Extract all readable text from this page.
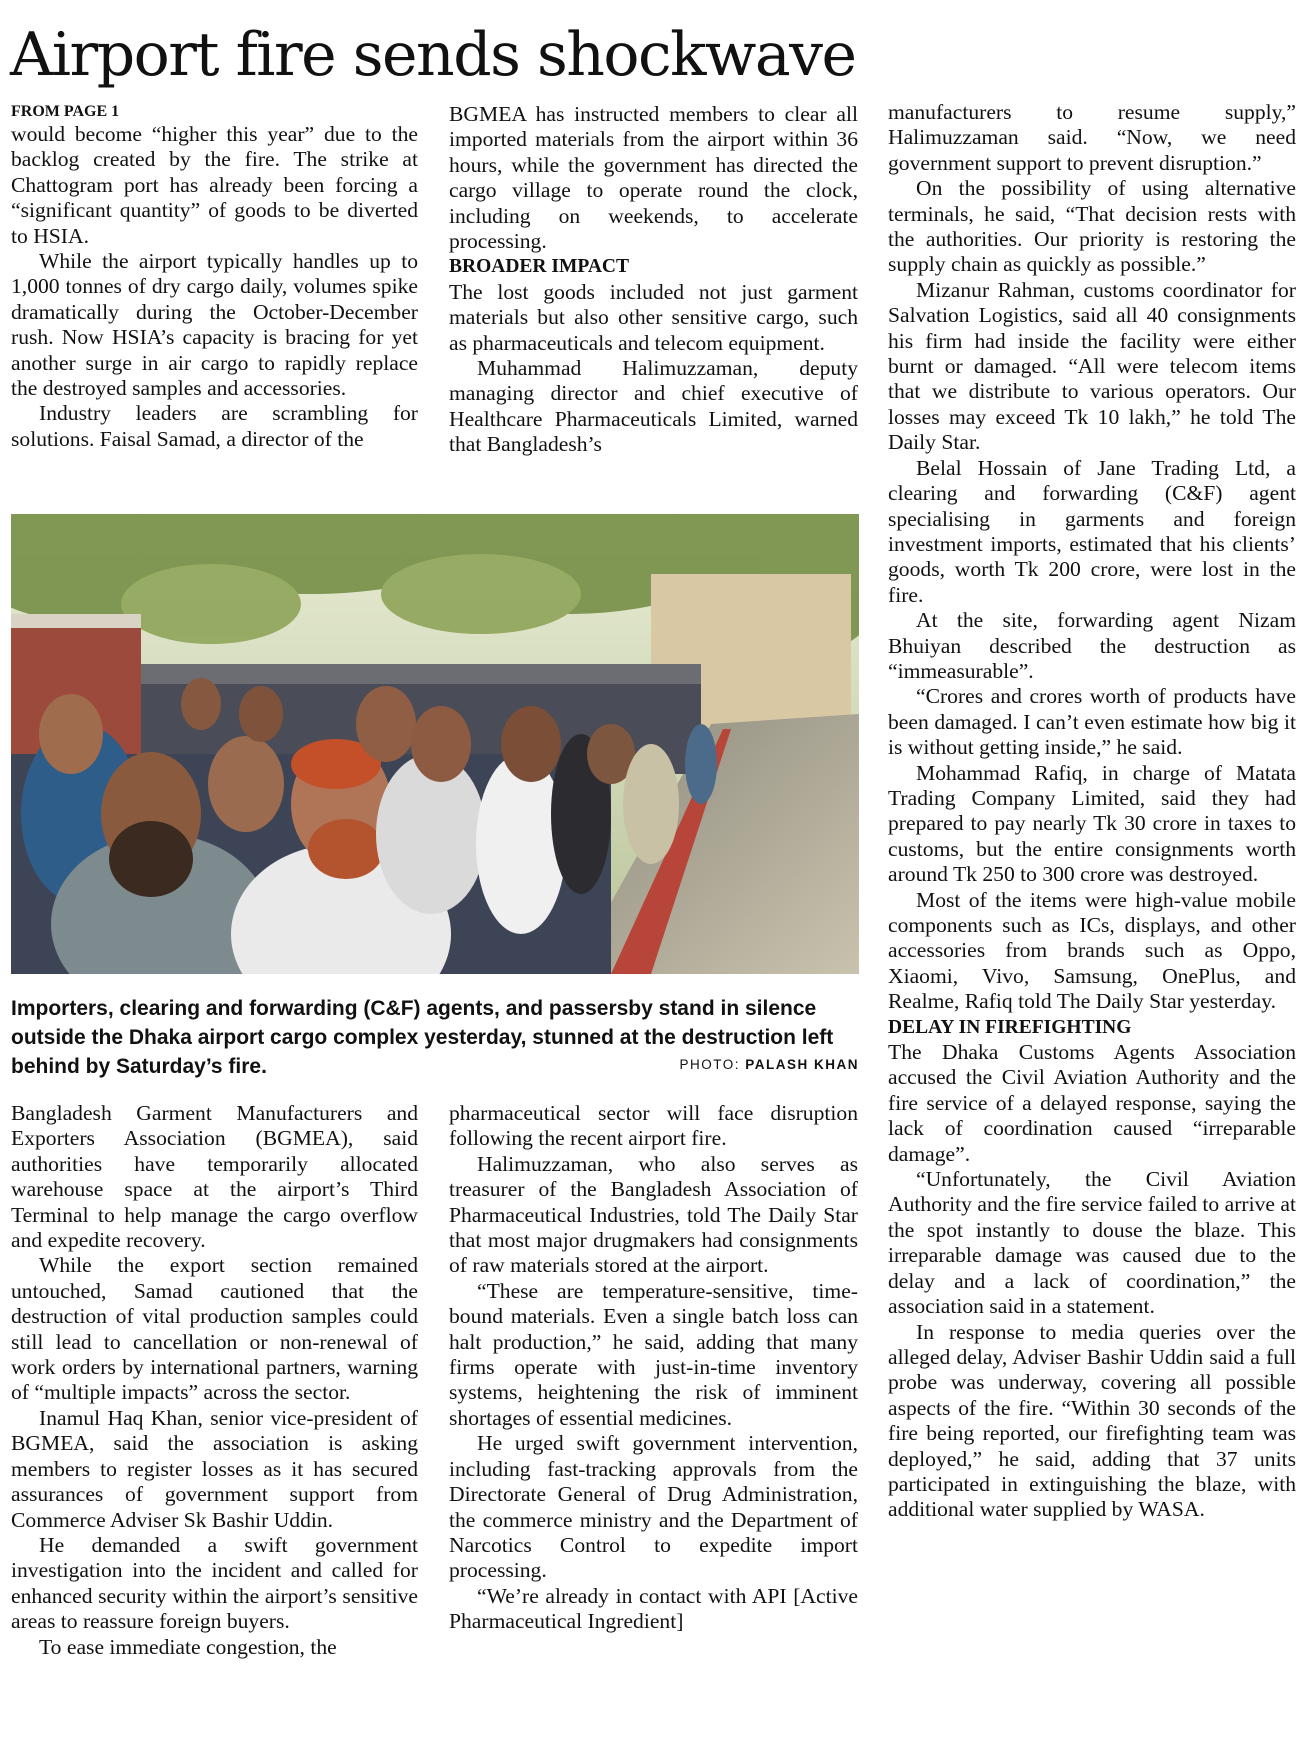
Airport fire sends shockwave

FROM PAGE 1

would become “higher this year” due to the backlog created by the fire. The strike at Chattogram port has already been forcing a “significant quantity” of goods to be diverted to HSIA.

While the airport typically handles up to 1,000 tonnes of dry cargo daily, volumes spike dramatically during the October-December rush. Now HSIA’s capacity is bracing for yet another surge in air cargo to rapidly replace the destroyed samples and accessories.

Industry leaders are scrambling for solutions. Faisal Samad, a director of the

BGMEA has instructed members to clear all imported materials from the airport within 36 hours, while the government has directed the cargo village to operate round the clock, including on weekends, to accelerate processing.

BROADER IMPACT

The lost goods included not just garment materials but also other sensitive cargo, such as pharmaceuticals and telecom equipment.

Muhammad Halimuzzaman, deputy managing director and chief executive of Healthcare Pharmaceuticals Limited, warned that Bangladesh’s

manufacturers to resume supply,” Halimuzzaman said. “Now, we need government support to prevent disruption.”

On the possibility of using alternative terminals, he said, “That decision rests with the authorities. Our priority is restoring the supply chain as quickly as possible.”

Mizanur Rahman, customs coordinator for Salvation Logistics, said all 40 consignments his firm had inside the facility were either burnt or damaged. “All were telecom items that we distribute to various operators. Our losses may exceed Tk 10 lakh,” he told The Daily Star.

Belal Hossain of Jane Trading Ltd, a clearing and forwarding (C&F) agent specialising in garments and foreign investment imports, estimated that his clients’ goods, worth Tk 200 crore, were lost in the fire.

At the site, forwarding agent Nizam Bhuiyan described the destruction as “immeasurable”.

“Crores and crores worth of products have been damaged. I can’t even estimate how big it is without getting inside,” he said.

Mohammad Rafiq, in charge of Matata Trading Company Limited, said they had prepared to pay nearly Tk 30 crore in taxes to customs, but the entire consignments worth around Tk 250 to 300 crore was destroyed.

Most of the items were high-value mobile components such as ICs, displays, and other accessories from brands such as Oppo, Xiaomi, Vivo, Samsung, OnePlus, and Realme, Rafiq told The Daily Star yesterday.

DELAY IN FIREFIGHTING

The Dhaka Customs Agents Association accused the Civil Aviation Authority and the fire service of a delayed response, saying the lack of coordination caused “irreparable damage”.

“Unfortunately, the Civil Aviation Authority and the fire service failed to arrive at the spot instantly to douse the blaze. This irreparable damage was caused due to the delay and a lack of coordination,” the association said in a statement.

In response to media queries over the alleged delay, Adviser Bashir Uddin said a full probe was underway, covering all possible aspects of the fire. “Within 30 seconds of the fire being reported, our firefighting team was deployed,” he said, adding that 37 units participated in extinguishing the blaze, with additional water supplied by WASA.

Importers, clearing and forwarding (C&F) agents, and passersby stand in silence outside the Dhaka airport cargo complex yesterday, stunned at the destruction left behind by Saturday’s fire.	PHOTO: PALASH KHAN

Bangladesh Garment Manufacturers and Exporters Association (BGMEA), said authorities have temporarily allocated warehouse space at the airport’s Third Terminal to help manage the cargo overflow and expedite recovery.

While the export section remained untouched, Samad cautioned that the destruction of vital production samples could still lead to cancellation or non-renewal of work orders by international partners, warning of “multiple impacts” across the sector.

Inamul Haq Khan, senior vice-president of BGMEA, said the association is asking members to register losses as it has secured assurances of government support from Commerce Adviser Sk Bashir Uddin.

He demanded a swift government investigation into the incident and called for enhanced security within the airport’s sensitive areas to reassure foreign buyers.

To ease immediate congestion, the

pharmaceutical sector will face disruption following the recent airport fire.

Halimuzzaman, who also serves as treasurer of the Bangladesh Association of Pharmaceutical Industries, told The Daily Star that most major drugmakers had consignments of raw materials stored at the airport.

“These are temperature-sensitive, time-bound materials. Even a single batch loss can halt production,” he said, adding that many firms operate with just-in-time inventory systems, heightening the risk of imminent shortages of essential medicines.

He urged swift government intervention, including fast-tracking approvals from the Directorate General of Drug Administration, the commerce ministry and the Department of Narcotics Control to expedite import processing.

“We’re already in contact with API [Active Pharmaceutical Ingredient]
